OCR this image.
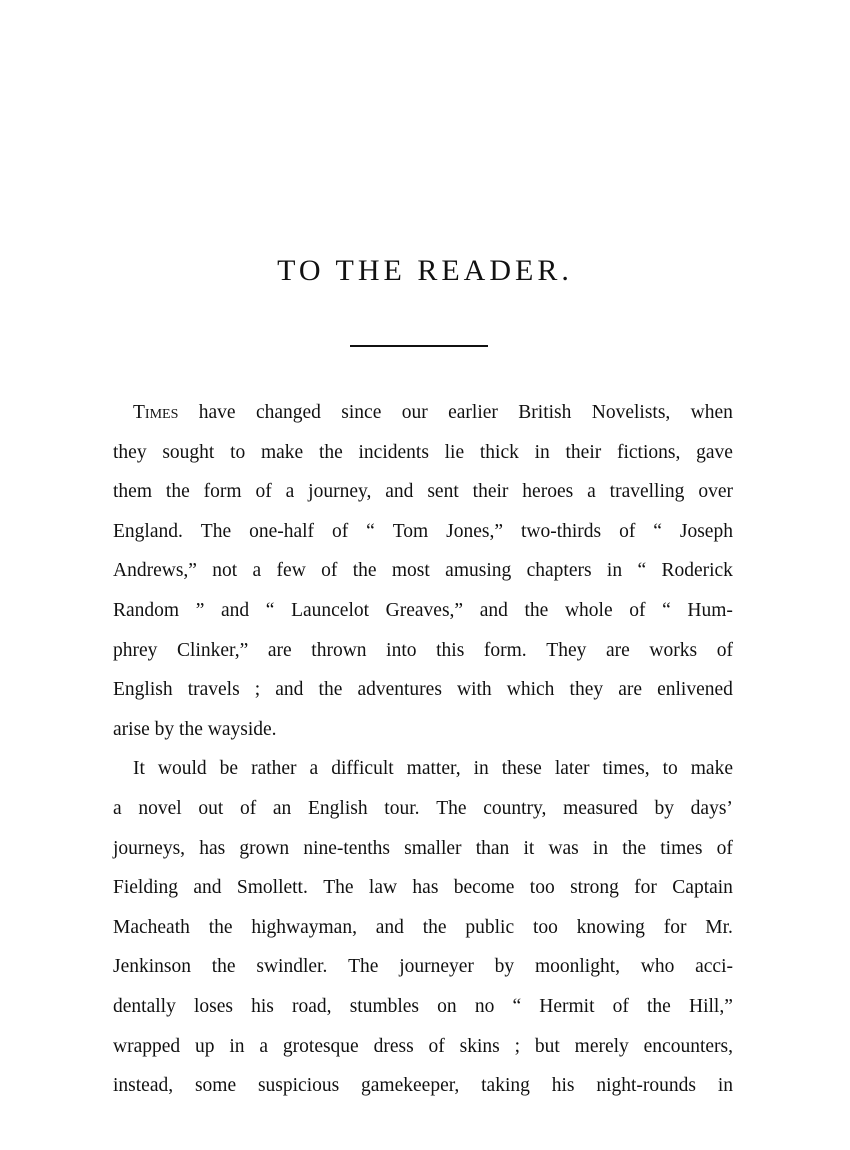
TO THE READER.
Times have changed since our earlier British Novelists, when
they sought to make the incidents lie thick in their fictions, gave
them the form of a journey, and sent their heroes a travelling over
England. The one-half of “ Tom Jones,” two-thirds of “ Joseph
Andrews,” not a few of the most amusing chapters in “ Roderick
Random ” and “ Launcelot Greaves,” and the whole of “ Hum-
phrey Clinker,” are thrown into this form. They are works of
English travels ; and the adventures with which they are enlivened
arise by the wayside.
It would be rather a difficult matter, in these later times, to make
a novel out of an English tour. The country, measured by days’
journeys, has grown nine-tenths smaller than it was in the times of
Fielding and Smollett. The law has become too strong for Captain
Macheath the highwayman, and the public too knowing for Mr.
Jenkinson the swindler. The journeyer by moonlight, who acci-
dentally loses his road, stumbles on no “ Hermit of the Hill,”
wrapped up in a grotesque dress of skins ; but merely encounters,
instead, some suspicious gamekeeper, taking his night-rounds in
